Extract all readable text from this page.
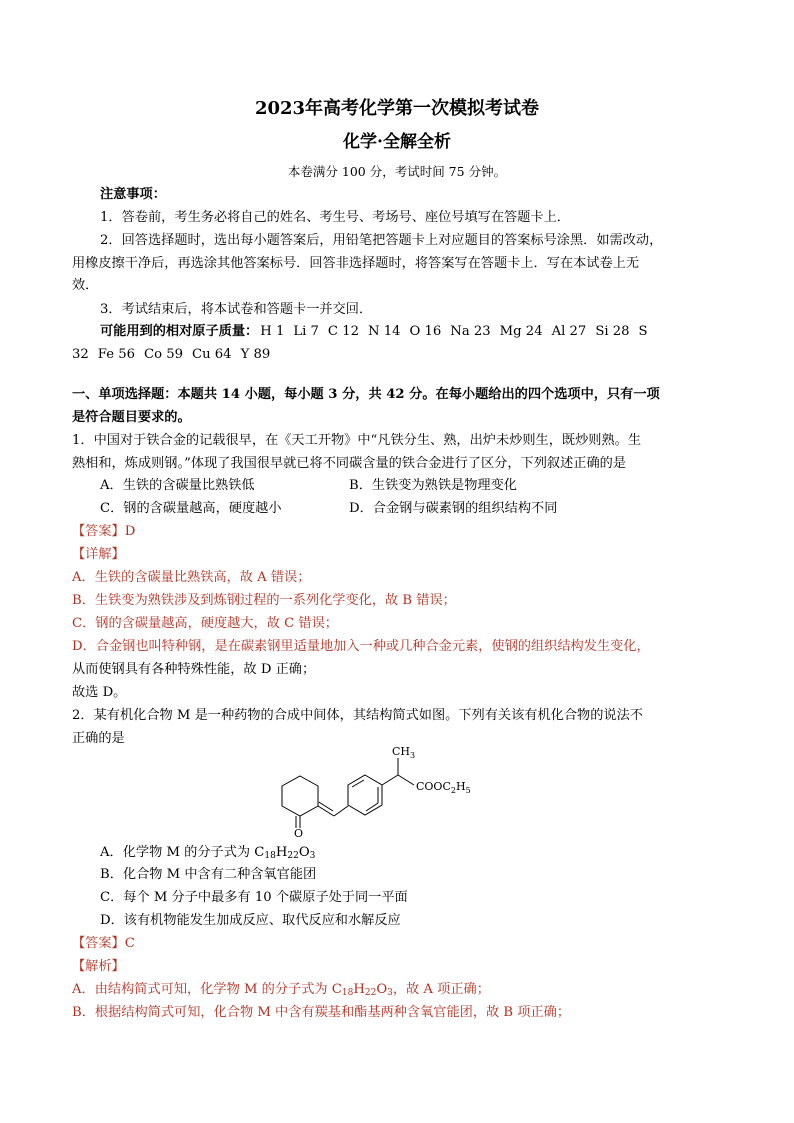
2023年高考化学第一次模拟考试卷
化学·全解全析
本卷满分 100 分，考试时间 75 分钟。
注意事项：
1．答卷前，考生务必将自己的姓名、考生号、考场号、座位号填写在答题卡上．
2．回答选择题时，选出每小题答案后，用铅笔把答题卡上对应题目的答案标号涂黑．如需改动，
用橡皮擦干净后，再选涂其他答案标号．回答非选择题时，将答案写在答题卡上．写在本试卷上无
效．
3．考试结束后，将本试卷和答题卡一并交回．
可能用到的相对原子质量： H 1 Li 7 C 12 N 14 O 16 Na 23 Mg 24 Al 27 Si 28 S
32 Fe 56 Co 59 Cu 64 Y 89
一、单项选择题：本题共 14 小题，每小题 3 分，共 42 分。在每小题给出的四个选项中，只有一项
是符合题目要求的。
1．中国对于铁合金的记载很早，在《天工开物》中“凡铁分生、熟，出炉未炒则生，既炒则熟。生
熟相和，炼成则钢。”体现了我国很早就已将不同碳含量的铁合金进行了区分，下列叙述正确的是
A．生铁的含碳量比熟铁低	B．生铁变为熟铁是物理变化
C．钢的含碳量越高，硬度越小	D．合金钢与碳素钢的组织结构不同
【答案】D
【详解】
A．生铁的含碳量比熟铁高，故 A 错误；
B．生铁变为熟铁涉及到炼钢过程的一系列化学变化，故 B 错误；
C．钢的含碳量越高，硬度越大，故 C 错误；
D．合金钢也叫特种钢，是在碳素钢里适量地加入一种或几种合金元素，使钢的组织结构发生变化，
从而使钢具有各种特殊性能，故 D 正确；
故选 D。
2．某有机化合物 M 是一种药物的合成中间体，其结构简式如图。下列有关该有机化合物的说法不
正确的是
$CH_3$
$COOC_2H_5$
O
A．化学物 M 的分子式为 $C_{18}H_{22}O_3$
B．化合物 M 中含有二种含氧官能团
C．每个 M 分子中最多有 10 个碳原子处于同一平面
D．该有机物能发生加成反应、取代反应和水解反应
【答案】C
【解析】
A．由结构简式可知，化学物 M 的分子式为 $C_{18}H_{22}O_3$，故 A 项正确；
B．根据结构简式可知，化合物 M 中含有羰基和酯基两种含氧官能团，故 B 项正确；
